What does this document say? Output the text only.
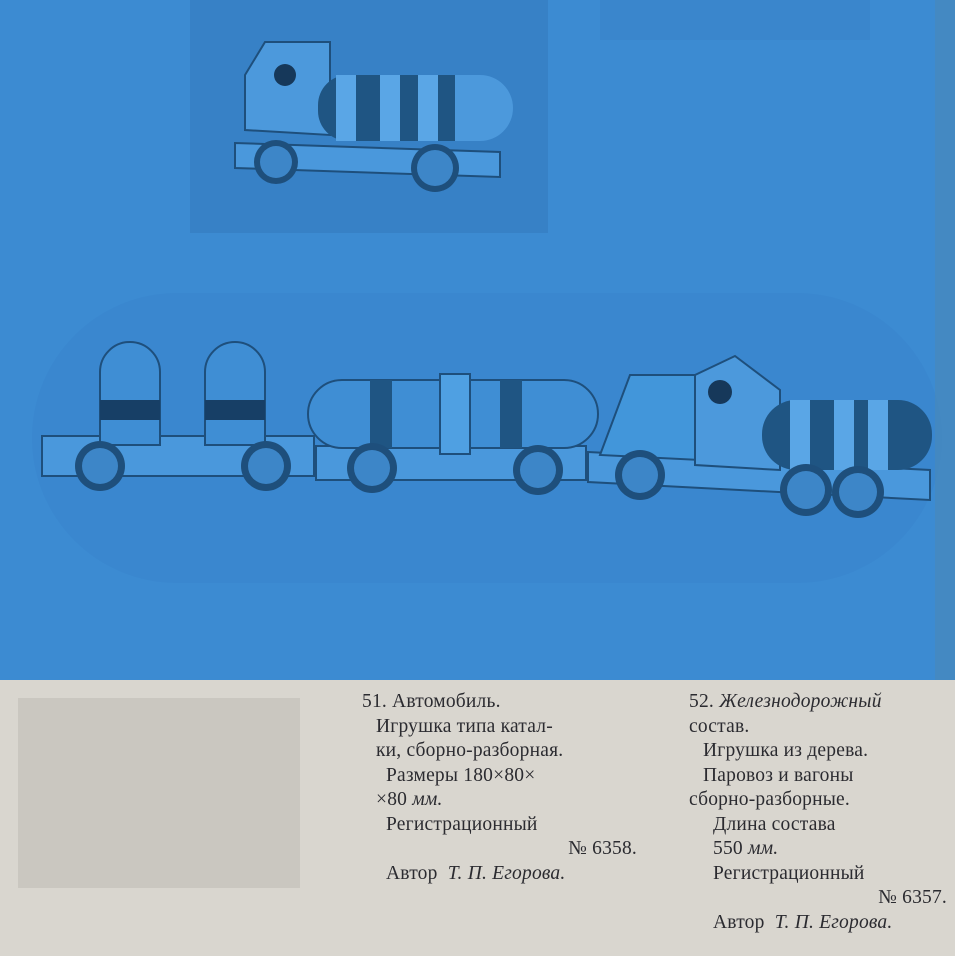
51. Автомобиль.
Игрушка типа катал-
ки, сборно-разборная.
Размеры 180×80×
×80 мм.
Регистрационный
№ 6358.
Автор Т. П. Егорова.
52. Железнодорожный
состав.
Игрушка из дерева.
Паровоз и вагоны
сборно-разборные.
Длина состава
550 мм.
Регистрационный
№ 6357.
Автор Т. П. Егорова.
